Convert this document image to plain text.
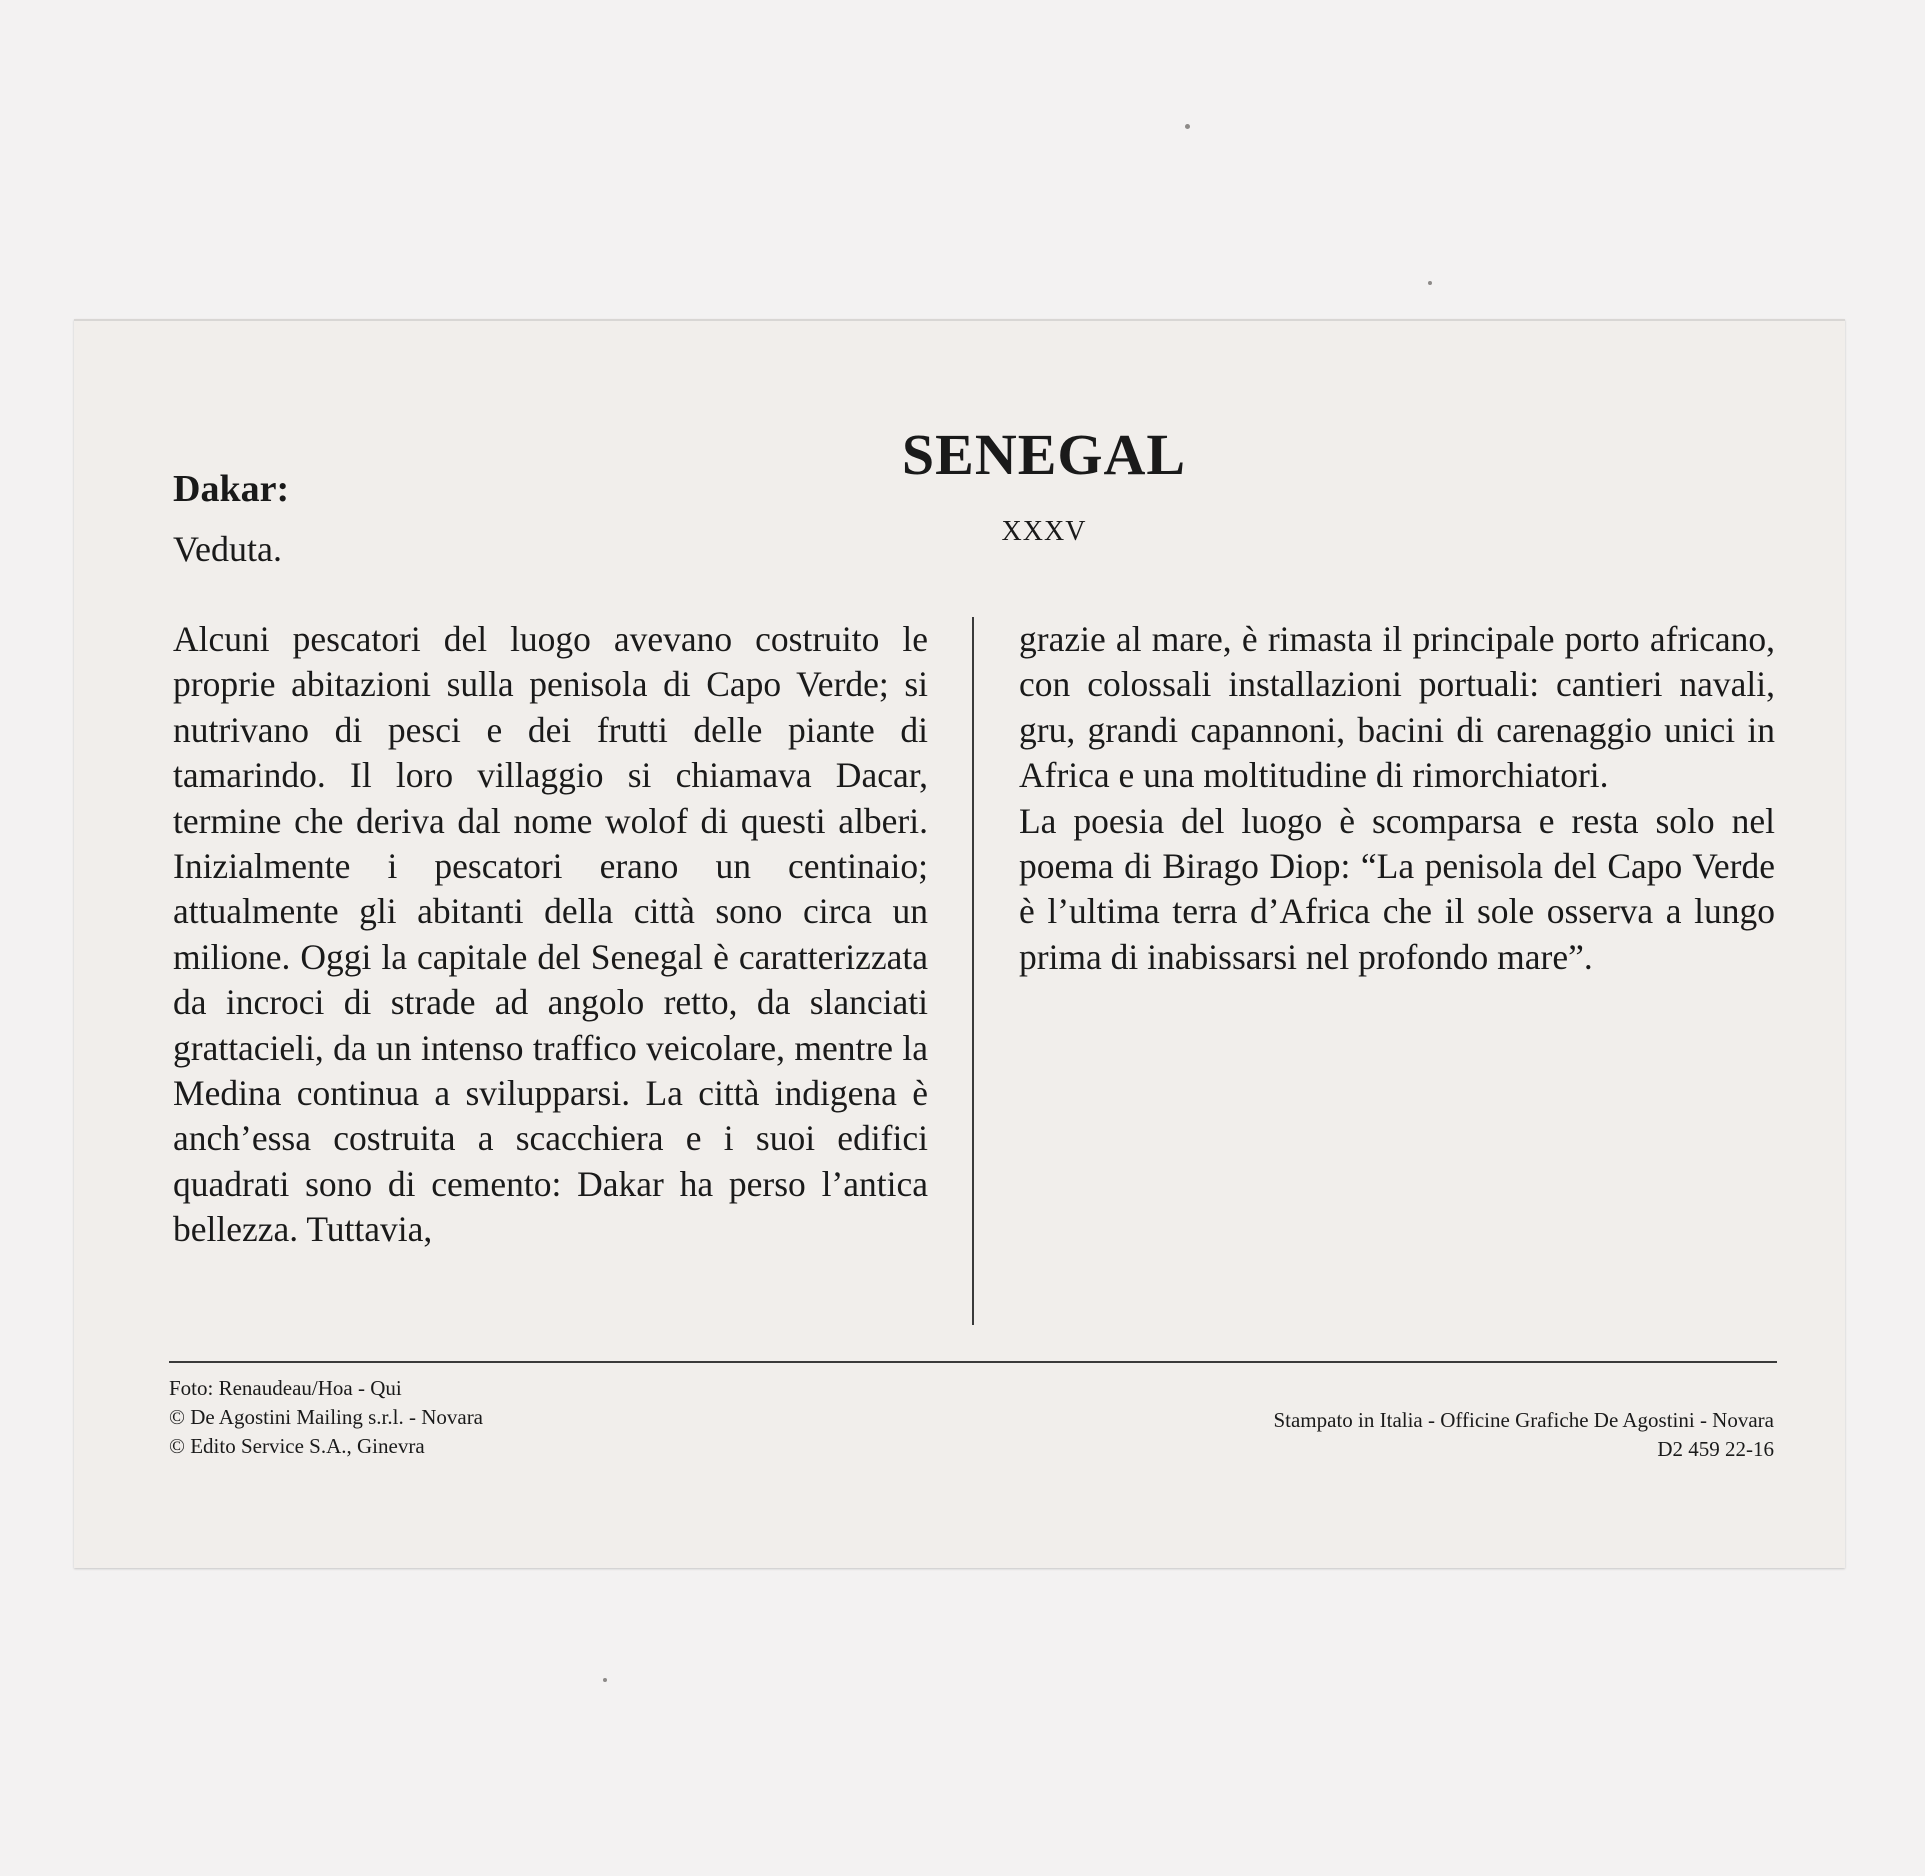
Dakar:
Veduta.
SENEGAL
XXXV

Alcuni pescatori del luogo avevano costruito le proprie abitazioni sulla penisola di Capo Verde; si nutrivano di pesci e dei frutti delle piante di tamarindo. Il loro villaggio si chiamava Dacar, termine che deriva dal nome wolof di questi alberi. Inizialmente i pescatori erano un centinaio; attualmente gli abitanti della città sono circa un milione. Oggi la capitale del Senegal è caratterizzata da incroci di strade ad angolo retto, da slanciati grattacieli, da un intenso traffico veicolare, mentre la Medina continua a svilupparsi. La città indigena è anch’essa costruita a scacchiera e i suoi edifici quadrati sono di cemento: Dakar ha perso l’antica bellezza. Tuttavia,

grazie al mare, è rimasta il principale porto africano, con colossali installazioni portuali: cantieri navali, gru, grandi capannoni, bacini di carenaggio unici in Africa e una moltitudine di rimorchiatori.

La poesia del luogo è scomparsa e resta solo nel poema di Birago Diop: “La penisola del Capo Verde è l’ultima terra d’Africa che il sole osserva a lungo prima di inabissarsi nel profondo mare”.

Foto: Renaudeau/Hoa - Qui
© De Agostini Mailing s.r.l. - Novara
© Edito Service S.A., Ginevra
Stampato in Italia - Officine Grafiche De Agostini - Novara
D2 459 22-16
